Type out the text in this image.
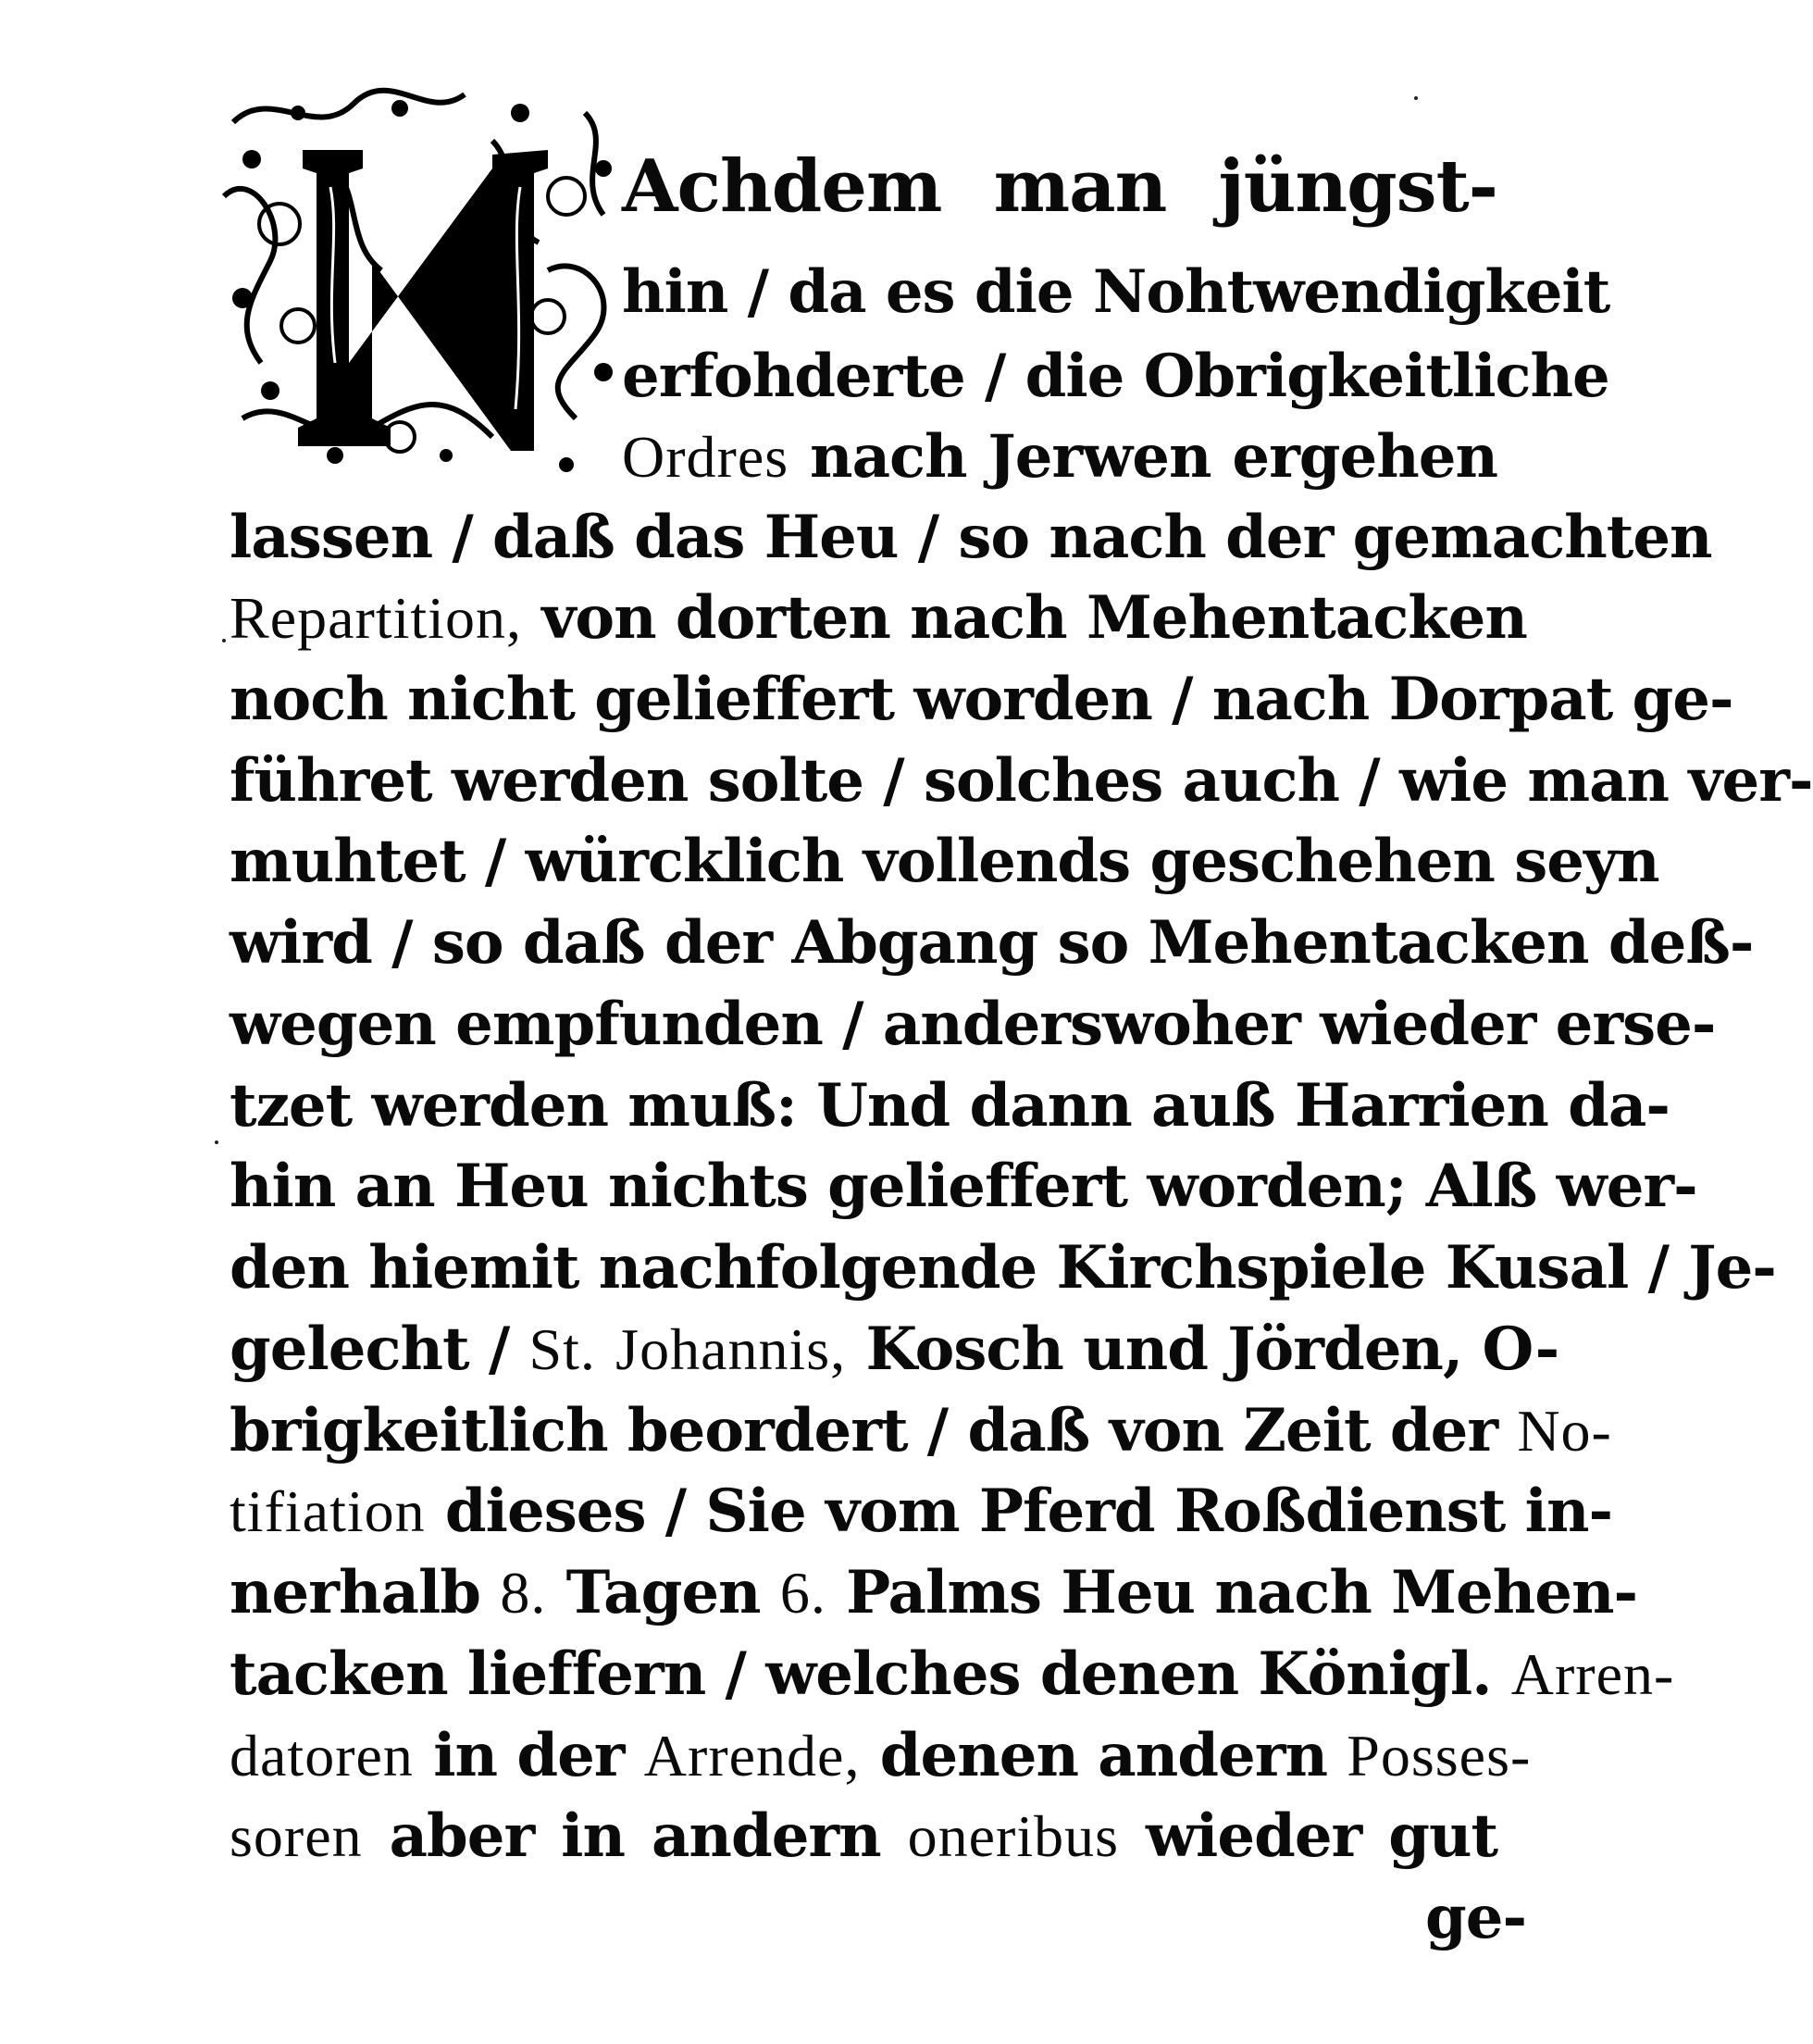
Achdem man jüngst-
hin / da es die Nohtwendigkeit
erfohderte / die Obrigkeitliche
Ordres nach Jerwen ergehen
lassen / daß das Heu / so nach der gemachten
Repartition, von dorten nach Mehentacken
noch nicht gelieffert worden / nach Dorpat ge-
führet werden solte / solches auch / wie man ver-
muhtet / würcklich vollends geschehen seyn
wird / so daß der Abgang so Mehentacken deß-
wegen empfunden / anderswoher wieder erse-
tzet werden muß: Und dann auß Harrien da-
hin an Heu nichts gelieffert worden; Alß wer-
den hiemit nachfolgende Kirchspiele Kusal / Je-
gelecht / St. Johannis, Kosch und Jörden, O-
brigkeitlich beordert / daß von Zeit der No-
tifiation dieses / Sie vom Pferd Roßdienst in-
nerhalb 8. Tagen 6. Palms Heu nach Mehen-
tacken lieffern / welches denen Königl. Arren-
datoren in der Arrende, denen andern Posses-
soren aber in andern oneribus wieder gut
ge-
